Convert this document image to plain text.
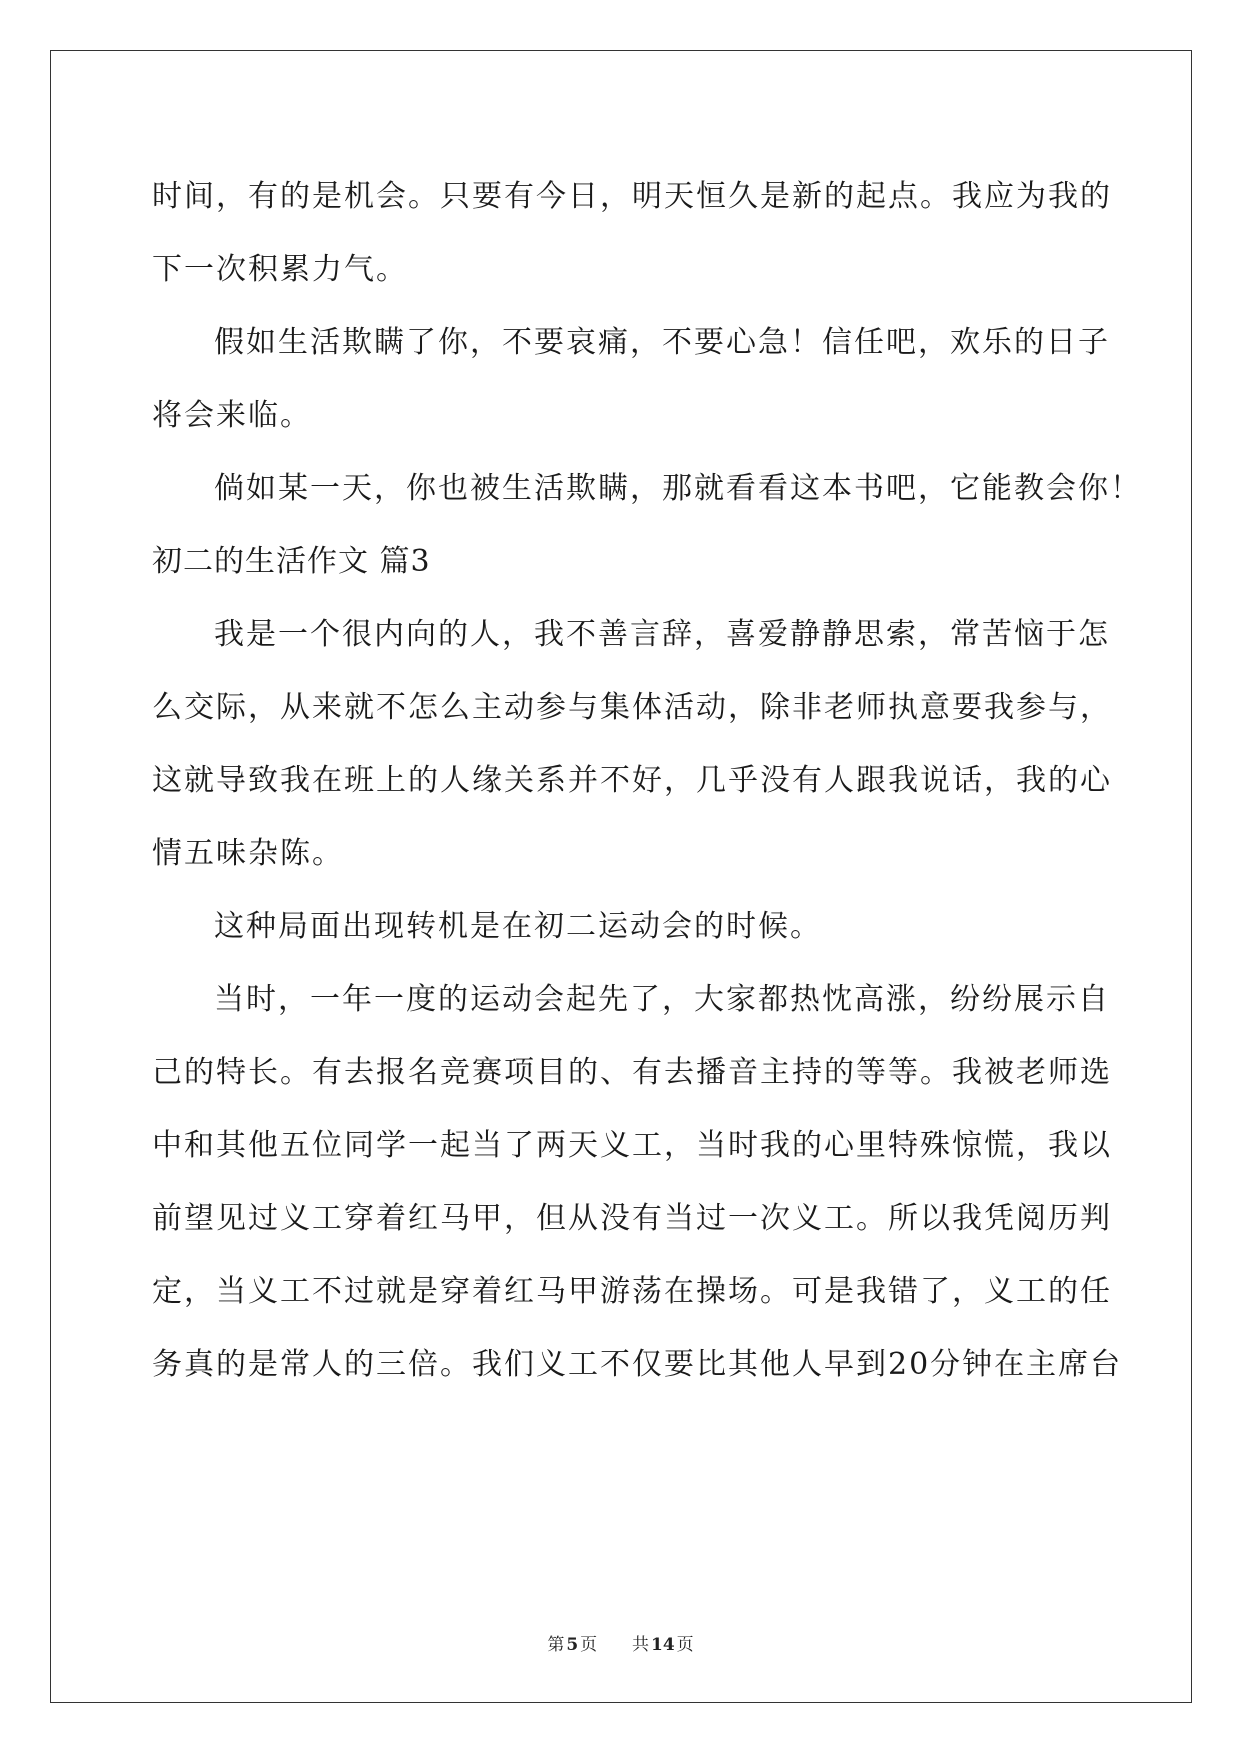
时间，有的是机会。只要有今日，明天恒久是新的起点。我应为我的
下一次积累力气。
假如生活欺瞒了你，不要哀痛，不要心急！信任吧，欢乐的日子
将会来临。
倘如某一天，你也被生活欺瞒，那就看看这本书吧，它能教会你！
初二的生活作文 篇3
我是一个很内向的人，我不善言辞，喜爱静静思索，常苦恼于怎
么交际，从来就不怎么主动参与集体活动，除非老师执意要我参与，
这就导致我在班上的人缘关系并不好，几乎没有人跟我说话，我的心
情五味杂陈。
这种局面出现转机是在初二运动会的时候。
当时，一年一度的运动会起先了，大家都热忱高涨，纷纷展示自
己的特长。有去报名竞赛项目的、有去播音主持的等等。我被老师选
中和其他五位同学一起当了两天义工，当时我的心里特殊惊慌，我以
前望见过义工穿着红马甲，但从没有当过一次义工。所以我凭阅历判
定，当义工不过就是穿着红马甲游荡在操场。可是我错了，义工的任
务真的是常人的三倍。我们义工不仅要比其他人早到20分钟在主席台
第 5 页 共 14 页
